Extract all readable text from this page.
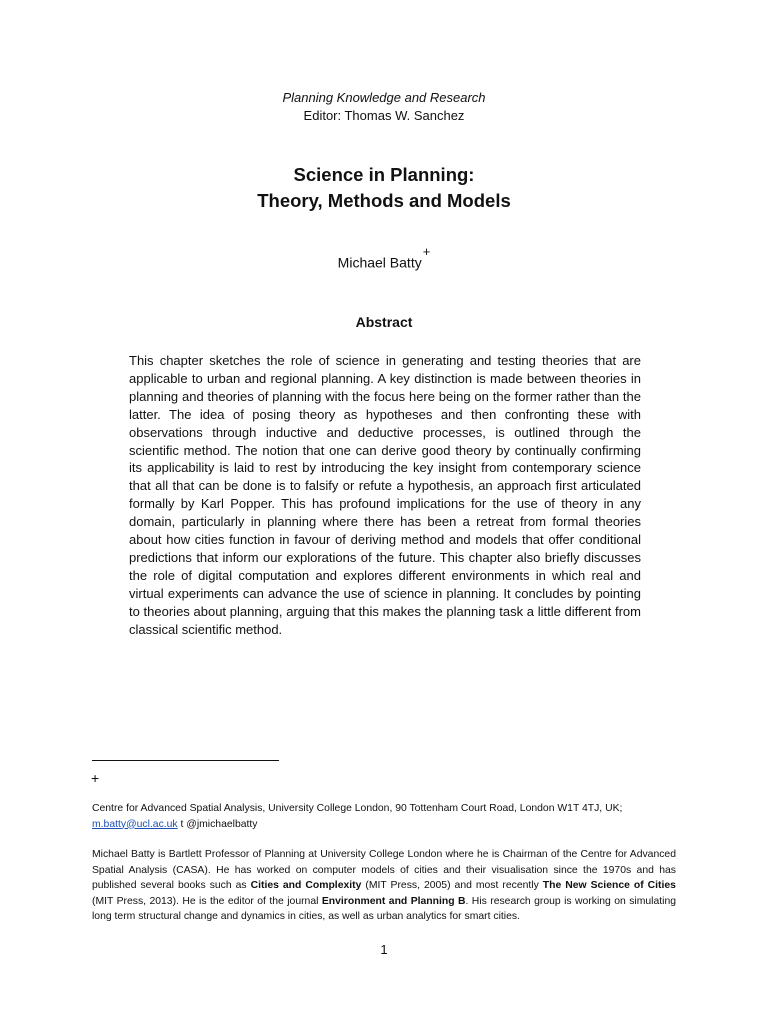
Planning Knowledge and Research
Editor: Thomas W. Sanchez
Science in Planning:
Theory, Methods and Models
Michael Batty+
Abstract
This chapter sketches the role of science in generating and testing theories that are applicable to urban and regional planning. A key distinction is made between theories in planning and theories of planning with the focus here being on the former rather than the latter. The idea of posing theory as hypotheses and then confronting these with observations through inductive and deductive processes, is outlined through the scientific method. The notion that one can derive good theory by continually confirming its applicability is laid to rest by introducing the key insight from contemporary science that all that can be done is to falsify or refute a hypothesis, an approach first articulated formally by Karl Popper. This has profound implications for the use of theory in any domain, particularly in planning where there has been a retreat from formal theories about how cities function in favour of deriving method and models that offer conditional predictions that inform our explorations of the future. This chapter also briefly discusses the role of digital computation and explores different environments in which real and virtual experiments can advance the use of science in planning. It concludes by pointing to theories about planning, arguing that this makes the planning task a little different from classical scientific method.
+
Centre for Advanced Spatial Analysis, University College London, 90 Tottenham Court Road, London W1T 4TJ, UK; m.batty@ucl.ac.uk t @jmichaelbatty
Michael Batty is Bartlett Professor of Planning at University College London where he is Chairman of the Centre for Advanced Spatial Analysis (CASA). He has worked on computer models of cities and their visualisation since the 1970s and has published several books such as Cities and Complexity (MIT Press, 2005) and most recently The New Science of Cities (MIT Press, 2013). He is the editor of the journal Environment and Planning B. His research group is working on simulating long term structural change and dynamics in cities, as well as urban analytics for smart cities.
1
